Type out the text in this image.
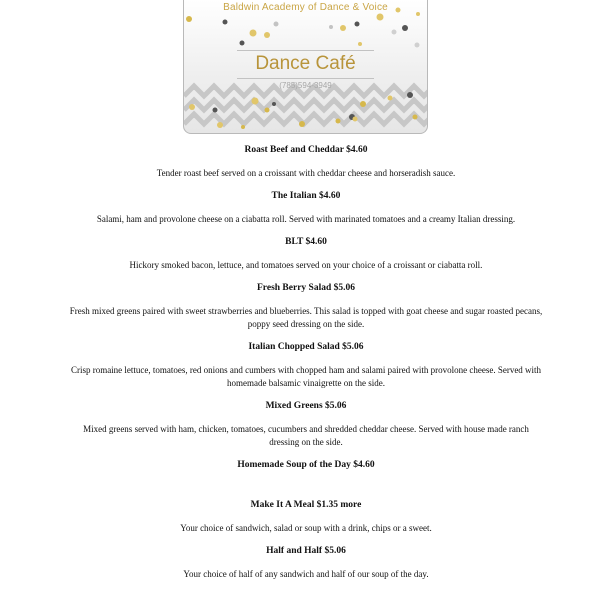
Baldwin Academy of Dance & Voice
Dance Café
(785)594-3949
Roast Beef and Cheddar $4.60
Tender roast beef served on a croissant with cheddar cheese and horseradish sauce.
The Italian $4.60
Salami, ham and provolone cheese on a ciabatta roll. Served with marinated tomatoes and a creamy Italian dressing.
BLT $4.60
Hickory smoked bacon, lettuce, and tomatoes served on your choice of a croissant or ciabatta roll.
Fresh Berry Salad $5.06
Fresh mixed greens paired with sweet strawberries and blueberries. This salad is topped with goat cheese and sugar roasted pecans, poppy seed dressing on the side.
Italian Chopped Salad $5.06
Crisp romaine lettuce, tomatoes, red onions and cumbers with chopped ham and salami paired with provolone cheese. Served with homemade balsamic vinaigrette on the side.
Mixed Greens $5.06
Mixed greens served with ham, chicken, tomatoes, cucumbers and shredded cheddar cheese. Served with house made ranch dressing on the side.
Homemade Soup of the Day $4.60
Make It A Meal $1.35 more
Your choice of sandwich, salad or soup with a drink, chips or a sweet.
Half and Half $5.06
Your choice of half of any sandwich and half of our soup of the day.
